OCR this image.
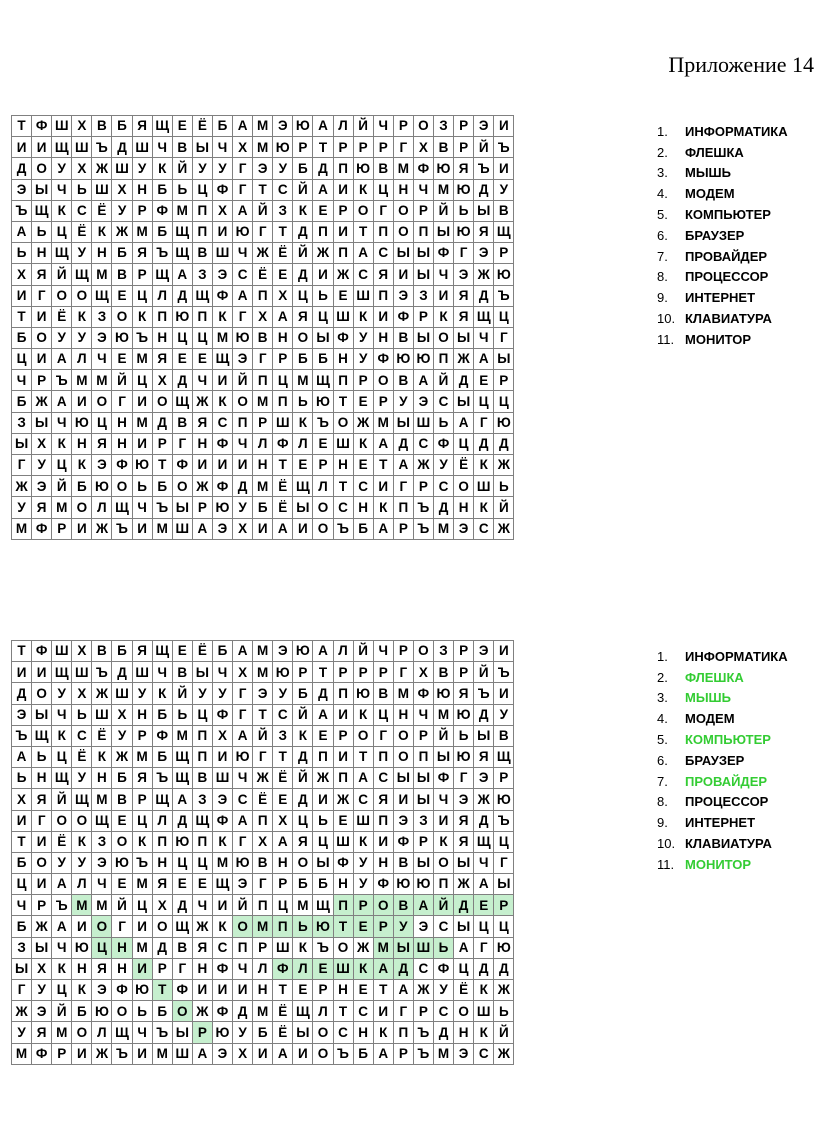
Приложение 14
Т	Ф	Ш	Х	В	Б	Я	Щ	Е	Ё	Б	А	М	Э	Ю	А	Л	Й	Ч	Р	О	З	Р	Э	И
И	И	Щ	Ш	Ъ	Д	Ш	Ч	В	Ы	Ч	Х	М	Ю	Р	Т	Р	Р	Р	Г	Х	В	Р	Й	Ъ
Д	О	У	Х	Ж	Ш	У	К	Й	У	У	Г	Э	У	Б	Д	П	Ю	В	М	Ф	Ю	Я	Ъ	И
Э	Ы	Ч	Ь	Ш	Х	Н	Б	Ь	Ц	Ф	Г	Т	С	Й	А	И	К	Ц	Н	Ч	М	Ю	Д	У
Ъ	Щ	К	С	Ё	У	Р	Ф	М	П	Х	А	Й	З	К	Е	Р	О	Г	О	Р	Й	Ь	Ы	В
А	Ь	Ц	Ё	К	Ж	М	Б	Щ	П	И	Ю	Г	Т	Д	П	И	Т	П	О	П	Ы	Ю	Я	Щ
Ь	Н	Щ	У	Н	Б	Я	Ъ	Щ	В	Ш	Ч	Ж	Ё	Й	Ж	П	А	С	Ы	Ы	Ф	Г	Э	Р
Х	Я	Й	Щ	М	В	Р	Щ	А	З	Э	С	Ё	Е	Д	И	Ж	С	Я	И	Ы	Ч	Э	Ж	Ю
И	Г	О	О	Щ	Е	Ц	Л	Д	Щ	Ф	А	П	Х	Ц	Ь	Е	Ш	П	Э	З	И	Я	Д	Ъ
Т	И	Ё	К	З	О	К	П	Ю	П	К	Г	Х	А	Я	Ц	Ш	К	И	Ф	Р	К	Я	Щ	Ц
Б	О	У	У	Э	Ю	Ъ	Н	Ц	Ц	М	Ю	В	Н	О	Ы	Ф	У	Н	В	Ы	О	Ы	Ч	Г
Ц	И	А	Л	Ч	Е	М	Я	Е	Е	Щ	Э	Г	Р	Б	Б	Н	У	Ф	Ю	Ю	П	Ж	А	Ы
Ч	Р	Ъ	М	М	Й	Ц	Х	Д	Ч	И	Й	П	Ц	М	Щ	П	Р	О	В	А	Й	Д	Е	Р
Б	Ж	А	И	О	Г	И	О	Щ	Ж	К	О	М	П	Ь	Ю	Т	Е	Р	У	Э	С	Ы	Ц	Ц
З	Ы	Ч	Ю	Ц	Н	М	Д	В	Я	С	П	Р	Ш	К	Ъ	О	Ж	М	Ы	Ш	Ь	А	Г	Ю
Ы	Х	К	Н	Я	Н	И	Р	Г	Н	Ф	Ч	Л	Ф	Л	Е	Ш	К	А	Д	С	Ф	Ц	Д	Д
Г	У	Ц	К	Э	Ф	Ю	Т	Ф	И	И	И	Н	Т	Е	Р	Н	Е	Т	А	Ж	У	Ё	К	Ж
Ж	Э	Й	Б	Ю	О	Ь	Б	О	Ж	Ф	Д	М	Ё	Щ	Л	Т	С	И	Г	Р	С	О	Ш	Ь
У	Я	М	О	Л	Щ	Ч	Ъ	Ы	Р	Ю	У	Б	Ё	Ы	О	С	Н	К	П	Ъ	Д	Н	К	Й
М	Ф	Р	И	Ж	Ъ	И	М	Ш	А	Э	Х	И	А	И	О	Ъ	Б	А	Р	Ъ	М	Э	С	Ж
1.	ИНФОРМАТИКА
2.	ФЛЕШКА
3.	МЫШЬ
4.	МОДЕМ
5.	КОМПЬЮТЕР
6.	БРАУЗЕР
7.	ПРОВАЙДЕР
8.	ПРОЦЕССОР
9.	ИНТЕРНЕТ
10. КЛАВИАТУРА
11. МОНИТОР
Т	Ф	Ш	Х	В	Б	Я	Щ	Е	Ё	Б	А	М	Э	Ю	А	Л	Й	Ч	Р	О	З	Р	Э	И
И	И	Щ	Ш	Ъ	Д	Ш	Ч	В	Ы	Ч	Х	М	Ю	Р	Т	Р	Р	Р	Г	Х	В	Р	Й	Ъ
Д	О	У	Х	Ж	Ш	У	К	Й	У	У	Г	Э	У	Б	Д	П	Ю	В	М	Ф	Ю	Я	Ъ	И
Э	Ы	Ч	Ь	Ш	Х	Н	Б	Ь	Ц	Ф	Г	Т	С	Й	А	И	К	Ц	Н	Ч	М	Ю	Д	У
Ъ	Щ	К	С	Ё	У	Р	Ф	М	П	Х	А	Й	З	К	Е	Р	О	Г	О	Р	Й	Ь	Ы	В
А	Ь	Ц	Ё	К	Ж	М	Б	Щ	П	И	Ю	Г	Т	Д	П	И	Т	П	О	П	Ы	Ю	Я	Щ
Ь	Н	Щ	У	Н	Б	Я	Ъ	Щ	В	Ш	Ч	Ж	Ё	Й	Ж	П	А	С	Ы	Ы	Ф	Г	Э	Р
Х	Я	Й	Щ	М	В	Р	Щ	А	З	Э	С	Ё	Е	Д	И	Ж	С	Я	И	Ы	Ч	Э	Ж	Ю
И	Г	О	О	Щ	Е	Ц	Л	Д	Щ	Ф	А	П	Х	Ц	Ь	Е	Ш	П	Э	З	И	Я	Д	Ъ
Т	И	Ё	К	З	О	К	П	Ю	П	К	Г	Х	А	Я	Ц	Ш	К	И	Ф	Р	К	Я	Щ	Ц
Б	О	У	У	Э	Ю	Ъ	Н	Ц	Ц	М	Ю	В	Н	О	Ы	Ф	У	Н	В	Ы	О	Ы	Ч	Г
Ц	И	А	Л	Ч	Е	М	Я	Е	Е	Щ	Э	Г	Р	Б	Б	Н	У	Ф	Ю	Ю	П	Ж	А	Ы
Ч	Р	Ъ	М	М	Й	Ц	Х	Д	Ч	И	Й	П	Ц	М	Щ	П	Р	О	В	А	Й	Д	Е	Р
Б	Ж	А	И	О	Г	И	О	Щ	Ж	К	О	М	П	Ь	Ю	Т	Е	Р	У	Э	С	Ы	Ц	Ц
З	Ы	Ч	Ю	Ц	Н	М	Д	В	Я	С	П	Р	Ш	К	Ъ	О	Ж	М	Ы	Ш	Ь	А	Г	Ю
Ы	Х	К	Н	Я	Н	И	Р	Г	Н	Ф	Ч	Л	Ф	Л	Е	Ш	К	А	Д	С	Ф	Ц	Д	Д
Г	У	Ц	К	Э	Ф	Ю	Т	Ф	И	И	И	Н	Т	Е	Р	Н	Е	Т	А	Ж	У	Ё	К	Ж
Ж	Э	Й	Б	Ю	О	Ь	Б	О	Ж	Ф	Д	М	Ё	Щ	Л	Т	С	И	Г	Р	С	О	Ш	Ь
У	Я	М	О	Л	Щ	Ч	Ъ	Ы	Р	Ю	У	Б	Ё	Ы	О	С	Н	К	П	Ъ	Д	Н	К	Й
М	Ф	Р	И	Ж	Ъ	И	М	Ш	А	Э	Х	И	А	И	О	Ъ	Б	А	Р	Ъ	М	Э	С	Ж
1.	ИНФОРМАТИКА
2.	ФЛЕШКА
3.	МЫШЬ
4.	МОДЕМ
5.	КОМПЬЮТЕР
6.	БРАУЗЕР
7.	ПРОВАЙДЕР
8.	ПРОЦЕССОР
9.	ИНТЕРНЕТ
10. КЛАВИАТУРА
11. МОНИТОР
